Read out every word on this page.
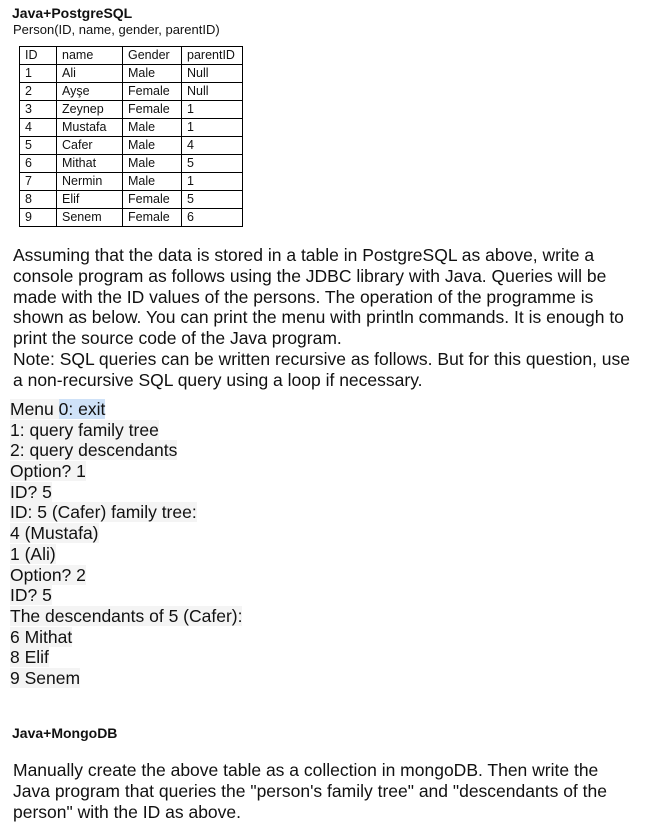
Java+PostgreSQL
Person(ID, name, gender, parentID)
ID	name	Gender	parentID
1	Ali	Male	Null
2	Ayşe	Female	Null
3	Zeynep	Female	1
4	Mustafa	Male	1
5	Cafer	Male	4
6	Mithat	Male	5
7	Nermin	Male	1
8	Elif	Female	5
9	Senem	Female	6

Assuming that the data is stored in a table in PostgreSQL as above, write a console program as follows using the JDBC library with Java. Queries will be made with the ID values of the persons. The operation of the programme is shown as below. You can print the menu with println commands. It is enough to print the source code of the Java program.

Note: SQL queries can be written recursive as follows. But for this question, use a non-recursive SQL query using a loop if necessary.

Menu 0: exit
1: query family tree
2: query descendants
Option? 1
ID? 5
ID: 5 (Cafer) family tree:
4 (Mustafa)
1 (Ali)
Option? 2
ID? 5
The descendants of 5 (Cafer):
6 Mithat
8 Elif
9 Senem
Java+MongoDB

Manually create the above table as a collection in mongoDB. Then write the Java program that queries the "person's family tree" and "descendants of the person" with the ID as above.
